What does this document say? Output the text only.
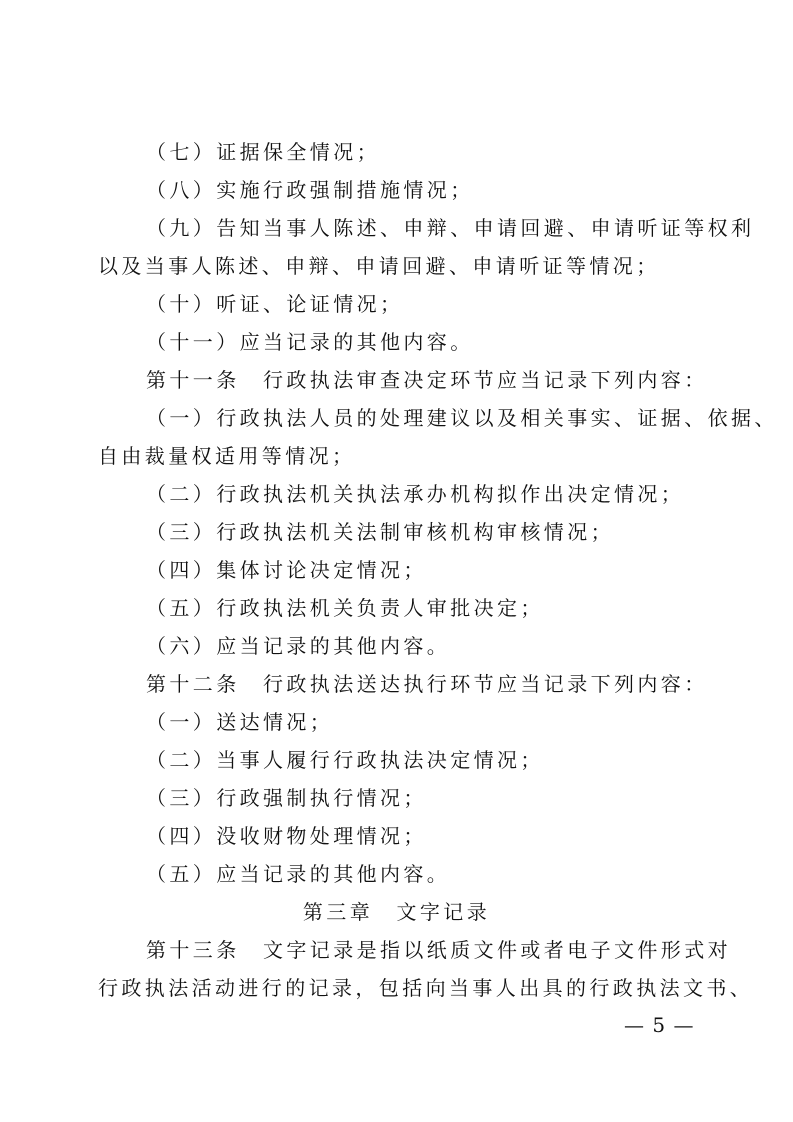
（七）证据保全情况；
（八）实施行政强制措施情况；
（九）告知当事人陈述、申辩、申请回避、申请听证等权利
以及当事人陈述、申辩、申请回避、申请听证等情况；
（十）听证、论证情况；
（十一）应当记录的其他内容。
第十一条　行政执法审查决定环节应当记录下列内容：
（一）行政执法人员的处理建议以及相关事实、证据、依据、
自由裁量权适用等情况；
（二）行政执法机关执法承办机构拟作出决定情况；
（三）行政执法机关法制审核机构审核情况；
（四）集体讨论决定情况；
（五）行政执法机关负责人审批决定；
（六）应当记录的其他内容。
第十二条　行政执法送达执行环节应当记录下列内容：
（一）送达情况；
（二）当事人履行行政执法决定情况；
（三）行政强制执行情况；
（四）没收财物处理情况；
（五）应当记录的其他内容。
第三章　文字记录
第十三条　文字记录是指以纸质文件或者电子文件形式对
行政执法活动进行的记录，包括向当事人出具的行政执法文书、
— 5 —
